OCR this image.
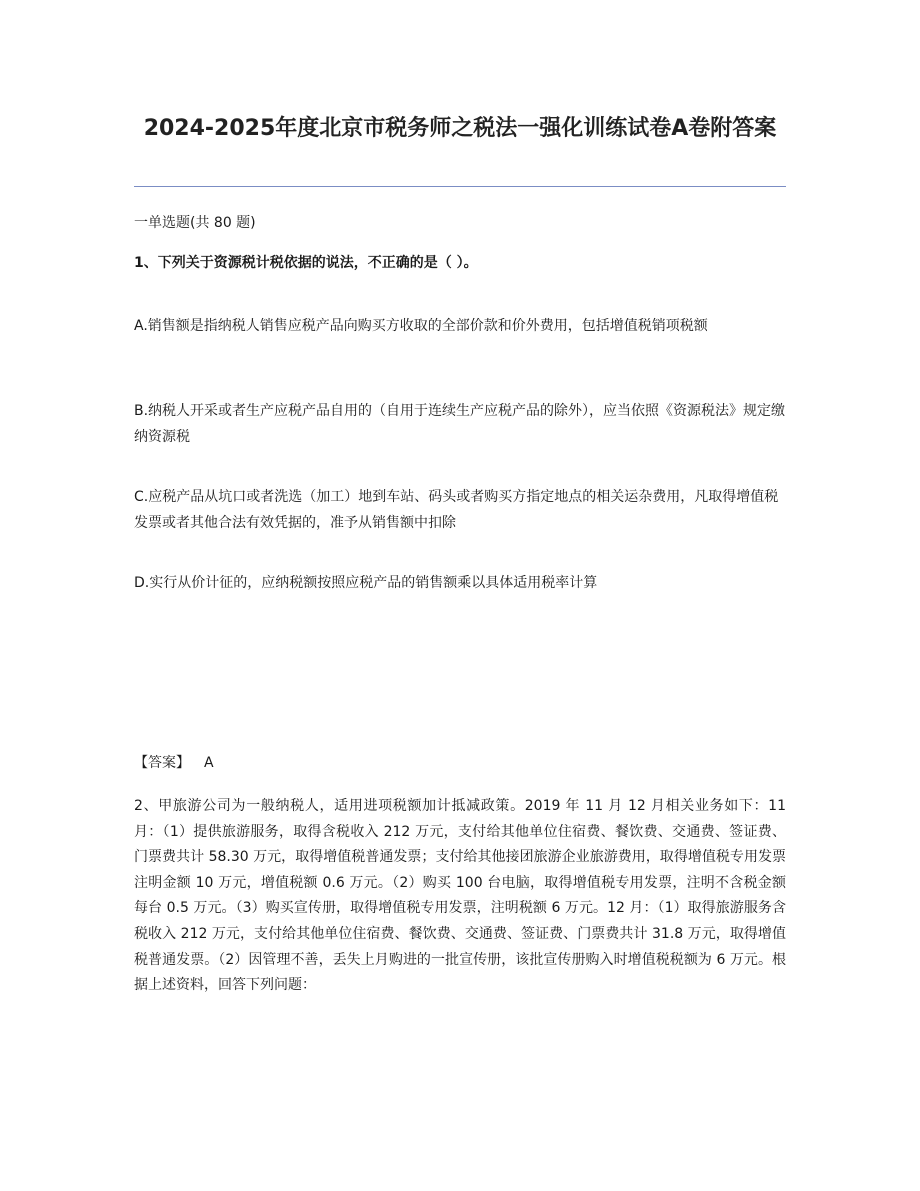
2024-2025年度北京市税务师之税法一强化训练试卷A卷附答案

一单选题(共 80 题)

1、下列关于资源税计税依据的说法，不正确的是（ ）。

A.销售额是指纳税人销售应税产品向购买方收取的全部价款和价外费用，包括增值税销项税额

B.纳税人开采或者生产应税产品自用的（自用于连续生产应税产品的除外），应当依照《资源税法》规定缴纳资源税

C.应税产品从坑口或者洗选（加工）地到车站、码头或者购买方指定地点的相关运杂费用，凡取得增值税发票或者其他合法有效凭据的，准予从销售额中扣除

D.实行从价计征的，应纳税额按照应税产品的销售额乘以具体适用税率计算

【答案】 A

2、甲旅游公司为一般纳税人，适用进项税额加计抵减政策。2019 年 11 月 12 月相关业务如下：11 月：（1）提供旅游服务，取得含税收入 212 万元，支付给其他单位住宿费、餐饮费、交通费、签证费、门票费共计 58.30 万元，取得增值税普通发票；支付给其他接团旅游企业旅游费用，取得增值税专用发票注明金额 10 万元，增值税额 0.6 万元。（2）购买 100 台电脑，取得增值税专用发票，注明不含税金额每台 0.5 万元。（3）购买宣传册，取得增值税专用发票，注明税额 6 万元。12 月：（1）取得旅游服务含税收入 212 万元，支付给其他单位住宿费、餐饮费、交通费、签证费、门票费共计 31.8 万元，取得增值税普通发票。（2）因管理不善，丢失上月购进的一批宣传册，该批宣传册购入时增值税税额为 6 万元。根据上述资料，回答下列问题：
